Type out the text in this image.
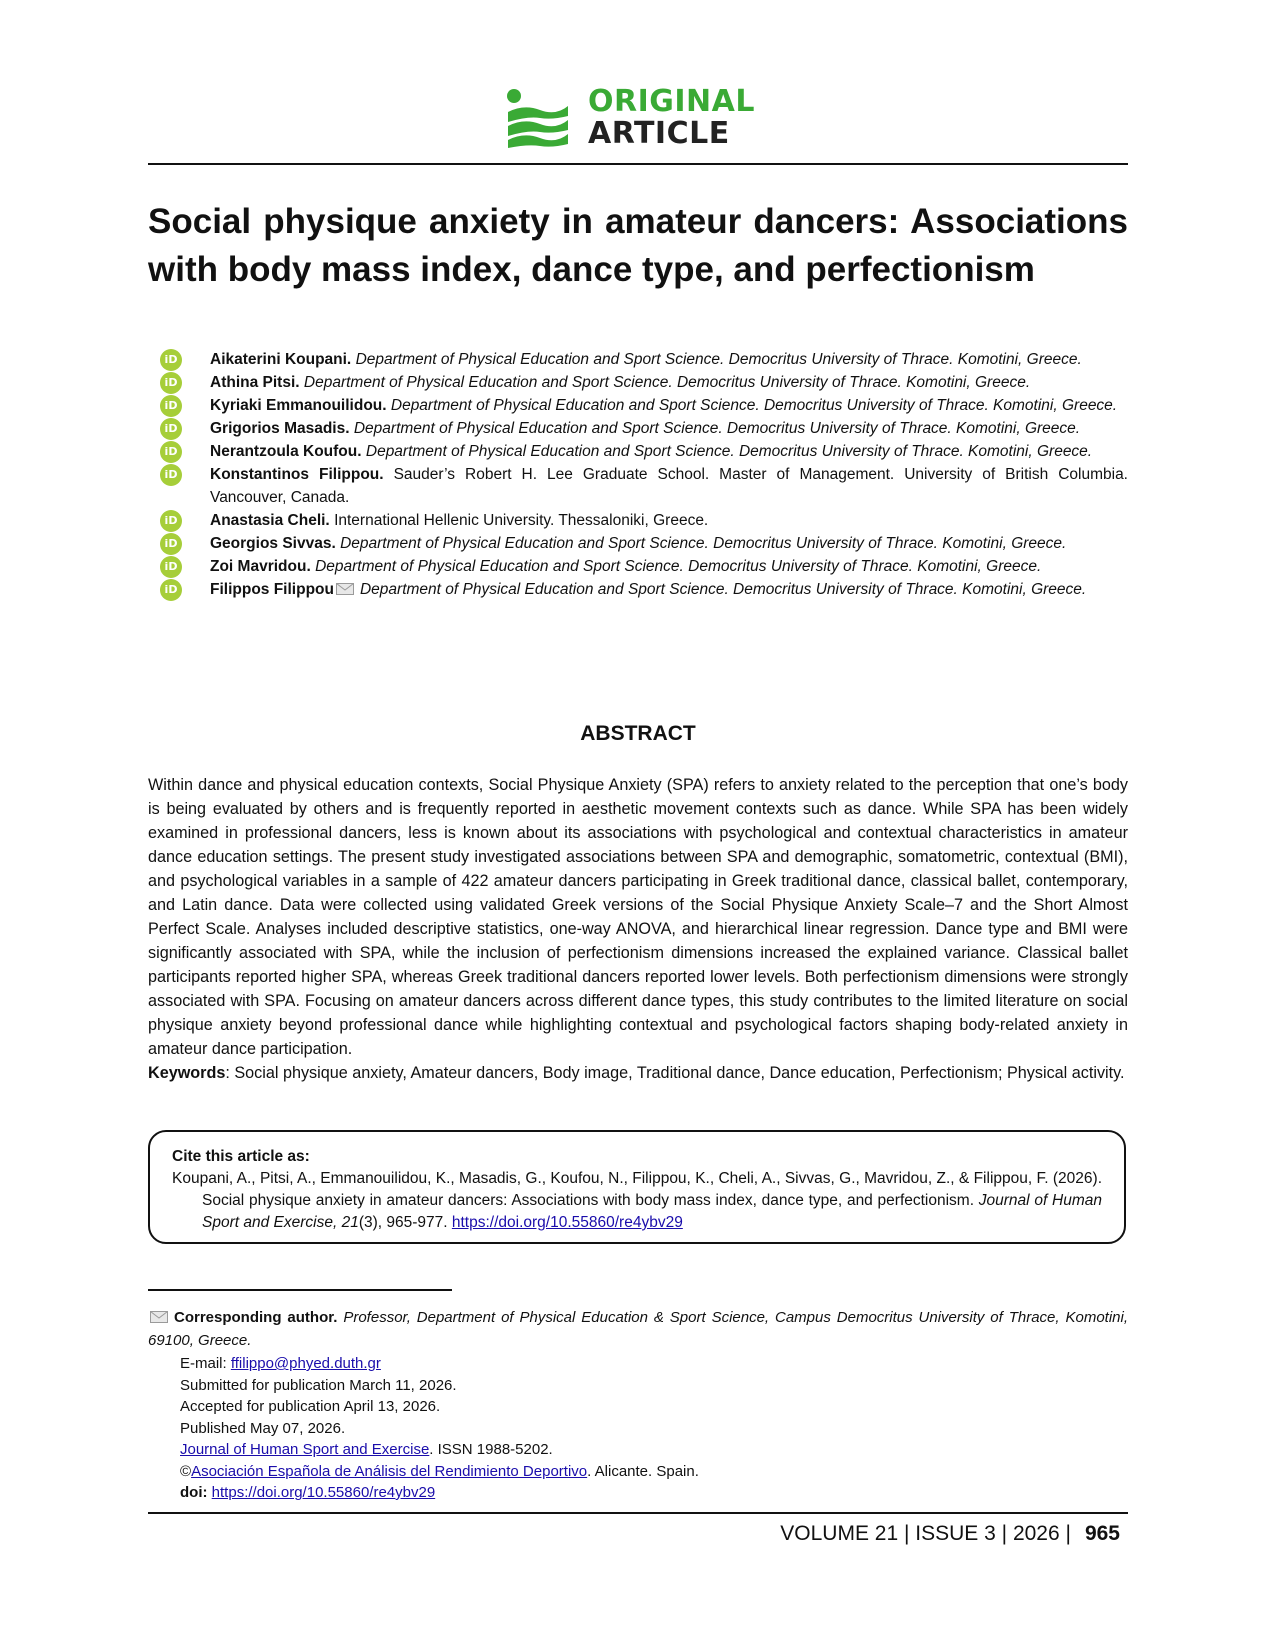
ORIGINAL
ARTICLE
Social physique anxiety in amateur dancers: Associations with body mass index, dance type, and perfectionism
iD Aikaterini Koupani. Department of Physical Education and Sport Science. Democritus University of Thrace. Komotini, Greece.
iD Athina Pitsi. Department of Physical Education and Sport Science. Democritus University of Thrace. Komotini, Greece.
iD Kyriaki Emmanouilidou. Department of Physical Education and Sport Science. Democritus University of Thrace. Komotini, Greece.
iD Grigorios Masadis. Department of Physical Education and Sport Science. Democritus University of Thrace. Komotini, Greece.
iD Nerantzoula Koufou. Department of Physical Education and Sport Science. Democritus University of Thrace. Komotini, Greece.
iD Konstantinos Filippou. Sauder’s Robert H. Lee Graduate School. Master of Management. University of British Columbia. Vancouver, Canada.
iD Anastasia Cheli. International Hellenic University. Thessaloniki, Greece.
iD Georgios Sivvas. Department of Physical Education and Sport Science. Democritus University of Thrace. Komotini, Greece.
iD Zoi Mavridou. Department of Physical Education and Sport Science. Democritus University of Thrace. Komotini, Greece.
iD Filippos Filippou Department of Physical Education and Sport Science. Democritus University of Thrace. Komotini, Greece.
ABSTRACT

Within dance and physical education contexts, Social Physique Anxiety (SPA) refers to anxiety related to the perception that one’s body is being evaluated by others and is frequently reported in aesthetic movement contexts such as dance. While SPA has been widely examined in professional dancers, less is known about its associations with psychological and contextual characteristics in amateur dance education settings. The present study investigated associations between SPA and demographic, somatometric, contextual (BMI), and psychological variables in a sample of 422 amateur dancers participating in Greek traditional dance, classical ballet, contemporary, and Latin dance. Data were collected using validated Greek versions of the Social Physique Anxiety Scale–7 and the Short Almost Perfect Scale. Analyses included descriptive statistics, one-way ANOVA, and hierarchical linear regression. Dance type and BMI were significantly associated with SPA, while the inclusion of perfectionism dimensions increased the explained variance. Classical ballet participants reported higher SPA, whereas Greek traditional dancers reported lower levels. Both perfectionism dimensions were strongly associated with SPA. Focusing on amateur dancers across different dance types, this study contributes to the limited literature on social physique anxiety beyond professional dance while highlighting contextual and psychological factors shaping body-related anxiety in amateur dance participation.

Keywords: Social physique anxiety, Amateur dancers, Body image, Traditional dance, Dance education, Perfectionism; Physical activity.

Cite this article as:
Koupani, A., Pitsi, A., Emmanouilidou, K., Masadis, G., Koufou, N., Filippou, K., Cheli, A., Sivvas, G., Mavridou, Z., & Filippou, F. (2026). Social physique anxiety in amateur dancers: Associations with body mass index, dance type, and perfectionism. Journal of Human Sport and Exercise, 21(3), 965-977. https://doi.org/10.55860/re4ybv29

Corresponding author. Professor, Department of Physical Education & Sport Science, Campus Democritus University of Thrace, Komotini, 69100, Greece.

E-mail: ffilippo@phyed.duth.gr
Submitted for publication March 11, 2026.
Accepted for publication April 13, 2026.
Published May 07, 2026.
Journal of Human Sport and Exercise. ISSN 1988-5202.
©Asociación Española de Análisis del Rendimiento Deportivo. Alicante. Spain.
doi: https://doi.org/10.55860/re4ybv29
VOLUME 21 | ISSUE 3 | 2026 | 965
